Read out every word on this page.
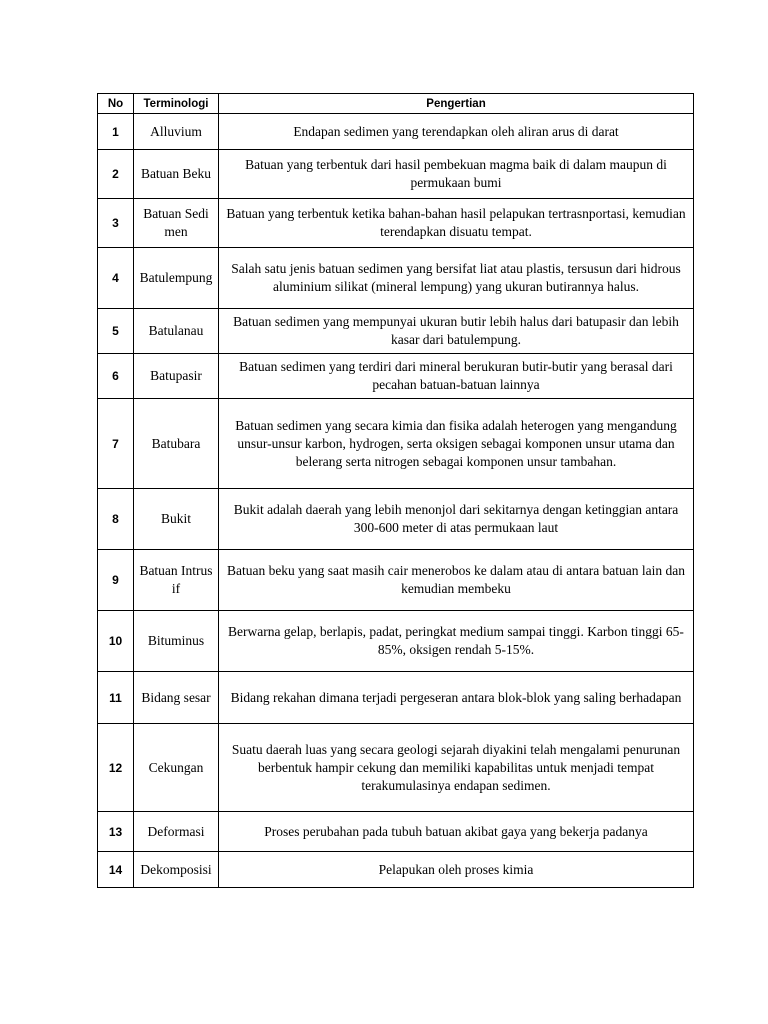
No	Terminologi	Pengertian
1	Alluvium	Endapan sedimen yang terendapkan oleh aliran arus di darat
2	Batuan Beku	Batuan yang terbentuk dari hasil pembekuan magma baik di dalam maupun di permukaan bumi
3	Batuan Sedimen	Batuan yang terbentuk ketika bahan-bahan hasil pelapukan tertrasnportasi, kemudian terendapkan disuatu tempat.
4	Batulempung	Salah satu jenis batuan sedimen yang bersifat liat atau plastis, tersusun dari hidrous aluminium silikat (mineral lempung) yang ukuran butirannya halus.
5	Batulanau	Batuan sedimen yang mempunyai ukuran butir lebih halus dari batupasir dan lebih kasar dari batulempung.
6	Batupasir	Batuan sedimen yang terdiri dari mineral berukuran butir-butir yang berasal dari pecahan batuan-batuan lainnya
7	Batubara	Batuan sedimen yang secara kimia dan fisika adalah heterogen yang mengandung unsur-unsur karbon, hydrogen, serta oksigen sebagai komponen unsur utama dan belerang serta nitrogen sebagai komponen unsur tambahan.
8	Bukit	Bukit adalah daerah yang lebih menonjol dari sekitarnya dengan ketinggian antara 300-600 meter di atas permukaan laut
9	Batuan Intrusif	Batuan beku yang saat masih cair menerobos ke dalam atau di antara batuan lain dan kemudian membeku
10	Bituminus	Berwarna gelap, berlapis, padat, peringkat medium sampai tinggi. Karbon tinggi 65-85%, oksigen rendah 5-15%.
11	Bidang sesar	Bidang rekahan dimana terjadi pergeseran antara blok-blok yang saling berhadapan
12	Cekungan	Suatu daerah luas yang secara geologi sejarah diyakini telah mengalami penurunan berbentuk hampir cekung dan memiliki kapabilitas untuk menjadi tempat terakumulasinya endapan sedimen.
13	Deformasi	Proses perubahan pada tubuh batuan akibat gaya yang bekerja padanya
14	Dekomposisi	Pelapukan oleh proses kimia
